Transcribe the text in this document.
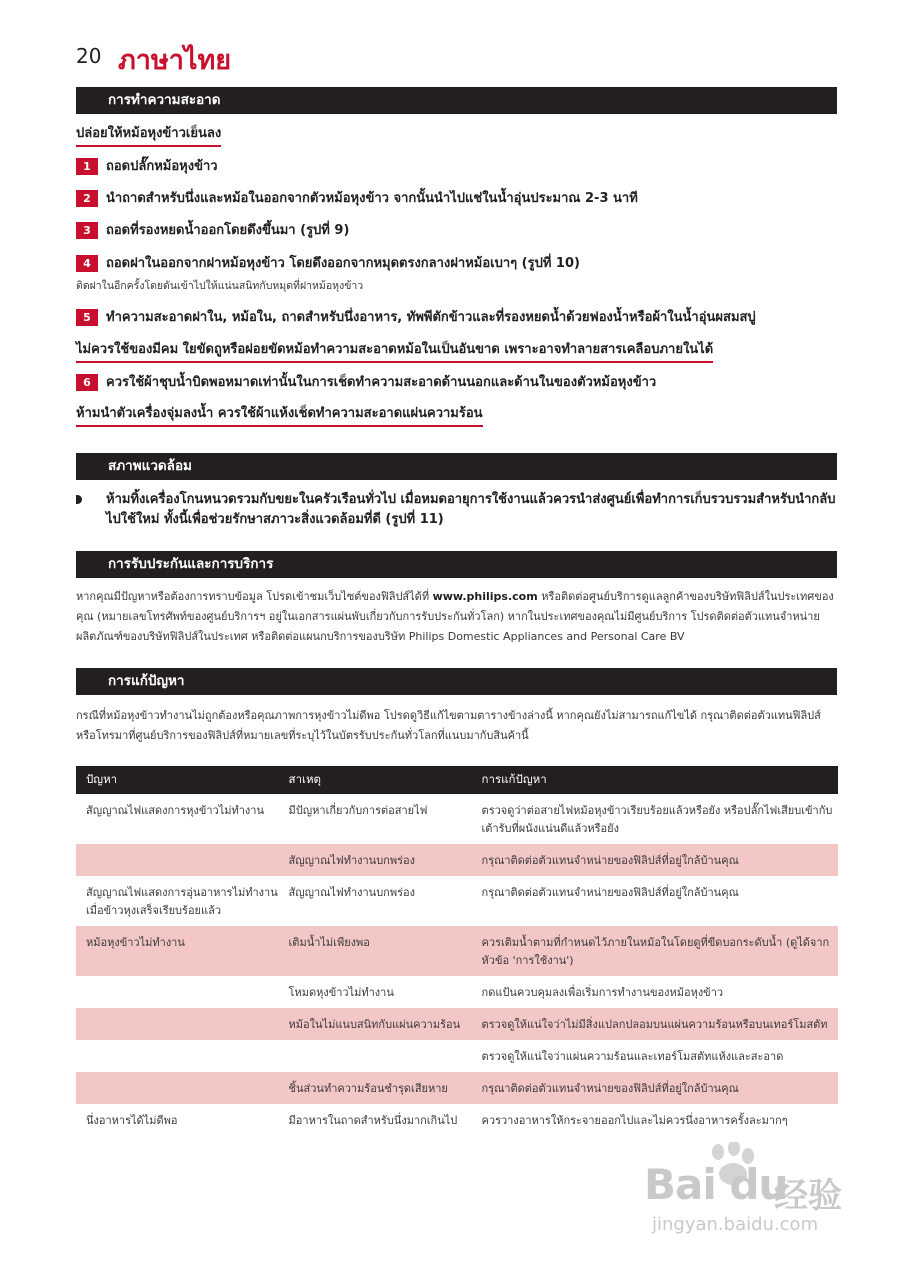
20 ภาษาไทย
การทำความสะอาด
ปล่อยให้หม้อหุงข้าวเย็นลง
1 ถอดปลั๊กหม้อหุงข้าว
2 นำถาดสำหรับนึ่งและหม้อในออกจากตัวหม้อหุงข้าว จากนั้นนำไปแช่ในน้ำอุ่นประมาณ 2-3 นาที
3 ถอดที่รองหยดน้ำออกโดยดึงขึ้นมา (รูปที่ 9)
4 ถอดฝาในออกจากฝาหม้อหุงข้าว โดยดึงออกจากหมุดตรงกลางฝาหม้อเบาๆ (รูปที่ 10)
ติดฝาในอีกครั้งโดยดันเข้าไปให้แน่นสนิทกับหมุดที่ฝาหม้อหุงข้าว
5 ทำความสะอาดฝาใน, หม้อใน, ถาดสำหรับนึ่งอาหาร, ทัพพีตักข้าวและที่รองหยดน้ำด้วยฟองน้ำหรือผ้าในน้ำอุ่นผสมสบู่
ไม่ควรใช้ของมีคม ใยขัดถูหรือฝอยขัดหม้อทำความสะอาดหม้อในเป็นอันขาด เพราะอาจทำลายสารเคลือบภายในได้
6 ควรใช้ผ้าชุบน้ำบิดพอหมาดเท่านั้นในการเช็ดทำความสะอาดด้านนอกและด้านในของตัวหม้อหุงข้าว
ห้ามนำตัวเครื่องจุ่มลงน้ำ ควรใช้ผ้าแห้งเช็ดทำความสะอาดแผ่นความร้อน
สภาพแวดล้อม
ห้ามทิ้งเครื่องโกนหนวดรวมกับขยะในครัวเรือนทั่วไป เมื่อหมดอายุการใช้งานแล้วควรนำส่งศูนย์เพื่อทำการเก็บรวบรวมสำหรับนำกลับไปใช้ใหม่ ทั้งนี้เพื่อช่วยรักษาสภาวะสิ่งแวดล้อมที่ดี (รูปที่ 11)
การรับประกันและการบริการ
หากคุณมีปัญหาหรือต้องการทราบข้อมูล โปรดเข้าชมเว็บไซต์ของฟิลิปส์ได้ที่ www.philips.com หรือติดต่อศูนย์บริการดูแลลูกค้าของบริษัทฟิลิปส์ในประเทศของคุณ (หมายเลขโทรศัพท์ของศูนย์บริการฯ อยู่ในเอกสารแผ่นพับเกี่ยวกับการรับประกันทั่วโลก) หากในประเทศของคุณไม่มีศูนย์บริการ โปรดติดต่อตัวแทนจำหน่ายผลิตภัณฑ์ของบริษัทฟิลิปส์ในประเทศ หรือติดต่อแผนกบริการของบริษัท Philips Domestic Appliances and Personal Care BV
การแก้ปัญหา
กรณีที่หม้อหุงข้าวทำงานไม่ถูกต้องหรือคุณภาพการหุงข้าวไม่ดีพอ โปรดดูวิธีแก้ไขตามตารางข้างล่างนี้ หากคุณยังไม่สามารถแก้ไขได้ กรุณาติดต่อตัวแทนฟิลิปส์หรือโทรมาที่ศูนย์บริการของฟิลิปส์ที่หมายเลขที่ระบุไว้ในบัตรรับประกันทั่วโลกที่แนบมากับสินค้านี้
ปัญหา	สาเหตุ	การแก้ปัญหา
สัญญาณไฟแสดงการหุงข้าวไม่ทำงาน	มีปัญหาเกี่ยวกับการต่อสายไฟ	ตรวจดูว่าต่อสายไฟหม้อหุงข้าวเรียบร้อยแล้วหรือยัง หรือปลั๊กไฟเสียบเข้ากับเต้ารับที่ผนังแน่นดีแล้วหรือยัง
	สัญญาณไฟทำงานบกพร่อง	กรุณาติดต่อตัวแทนจำหน่ายของฟิลิปส์ที่อยู่ใกล้บ้านคุณ
สัญญาณไฟแสดงการอุ่นอาหารไม่ทำงานเมื่อข้าวหุงเสร็จเรียบร้อยแล้ว	สัญญาณไฟทำงานบกพร่อง	กรุณาติดต่อตัวแทนจำหน่ายของฟิลิปส์ที่อยู่ใกล้บ้านคุณ
หม้อหุงข้าวไม่ทำงาน	เติมน้ำไม่เพียงพอ	ควรเติมน้ำตามที่กำหนดไว้ภายในหม้อในโดยดูที่ขีดบอกระดับน้ำ (ดูได้จากหัวข้อ 'การใช้งาน')
	โหมดหุงข้าวไม่ทำงาน	กดแป้นควบคุมลงเพื่อเริ่มการทำงานของหม้อหุงข้าว
	หม้อในไม่แนบสนิทกับแผ่นความร้อน	ตรวจดูให้แน่ใจว่าไม่มีสิ่งแปลกปลอมบนแผ่นความร้อนหรือบนเทอร์โมสตัท
		ตรวจดูให้แน่ใจว่าแผ่นความร้อนและเทอร์โมสตัทแห้งและสะอาด
	ชิ้นส่วนทำความร้อนชำรุดเสียหาย	กรุณาติดต่อตัวแทนจำหน่ายของฟิลิปส์ที่อยู่ใกล้บ้านคุณ
นึ่งอาหารได้ไม่ดีพอ	มีอาหารในถาดสำหรับนึ่งมากเกินไป	ควรวางอาหารให้กระจายออกไปและไม่ควรนึ่งอาหารครั้งละมากๆ
Bai du
经验
jingyan.baidu.com
